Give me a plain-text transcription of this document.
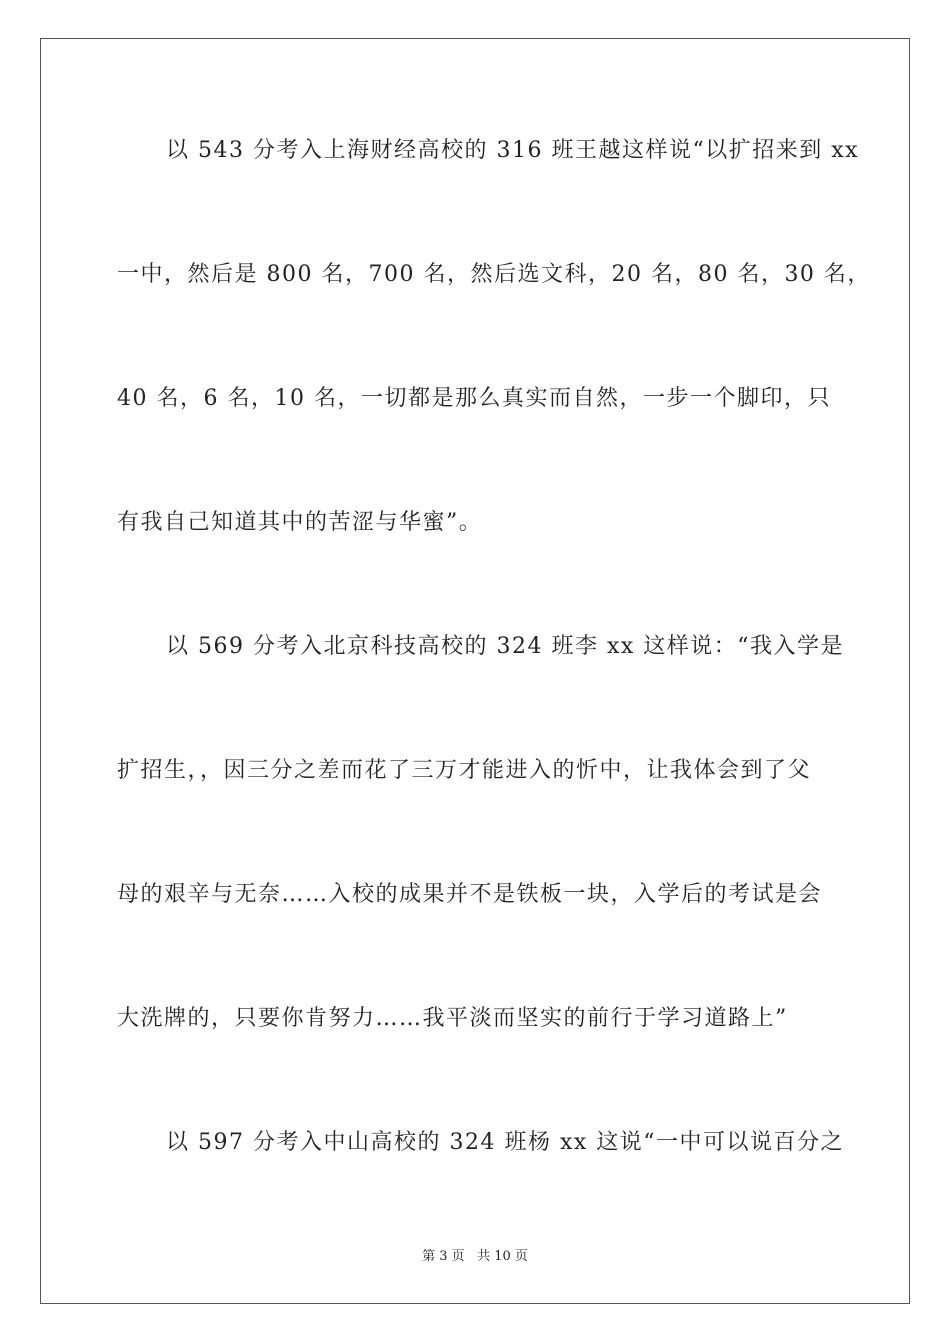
以 543 分考入上海财经高校的 316 班王越这样说“以扩招来到 xx
一中，然后是 800 名，700 名，然后选文科，20 名，80 名，30 名，
40 名，6 名，10 名，一切都是那么真实而自然，一步一个脚印，只
有我自己知道其中的苦涩与华蜜”。
以 569 分考入北京科技高校的 324 班李 xx 这样说：“我入学是
扩招生，，因三分之差而花了三万才能进入的忻中，让我体会到了父
母的艰辛与无奈……入校的成果并不是铁板一块，入学后的考试是会
大洗牌的，只要你肯努力……我平淡而坚实的前行于学习道路上”
以 597 分考入中山高校的 324 班杨 xx 这说“一中可以说百分之
第 3 页 共 10 页
